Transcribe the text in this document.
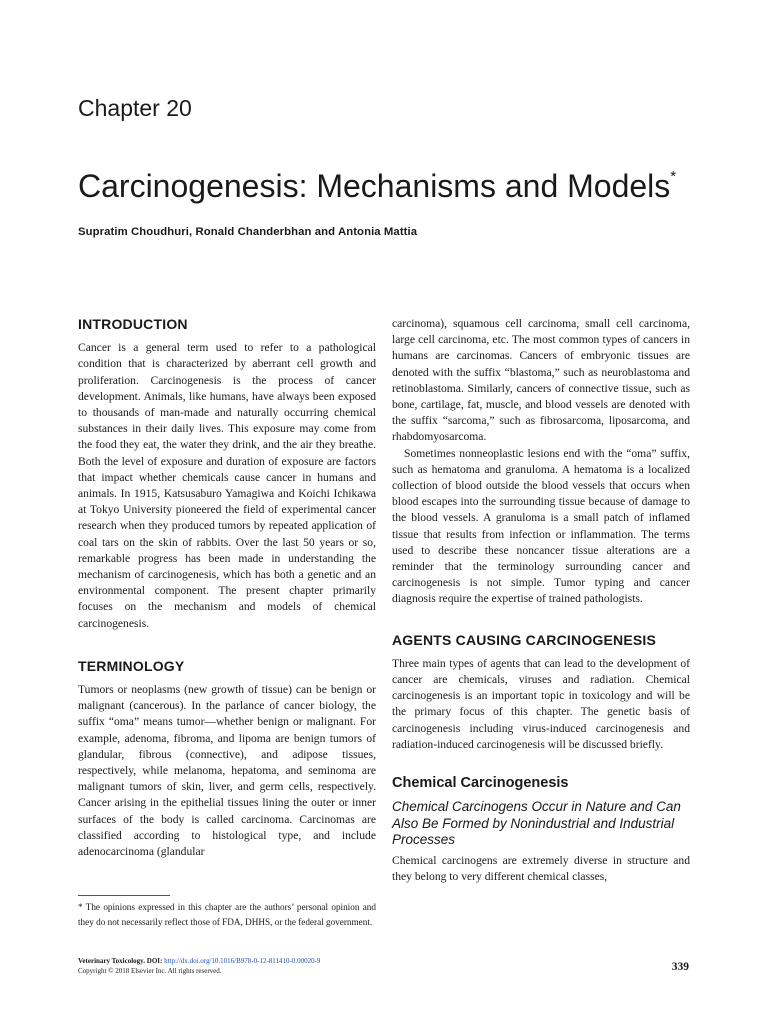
Chapter 20
Carcinogenesis: Mechanisms and Models*

Supratim Choudhuri, Ronald Chanderbhan and Antonia Mattia

INTRODUCTION

Cancer is a general term used to refer to a pathological condition that is characterized by aberrant cell growth and proliferation. Carcinogenesis is the process of cancer development. Animals, like humans, have always been exposed to thousands of man-made and naturally occurring chemical substances in their daily lives. This exposure may come from the food they eat, the water they drink, and the air they breathe. Both the level of exposure and duration of exposure are factors that impact whether chemicals cause cancer in humans and animals. In 1915, Katsusaburo Yamagiwa and Koichi Ichikawa at Tokyo University pioneered the field of experimental cancer research when they produced tumors by repeated application of coal tars on the skin of rabbits. Over the last 50 years or so, remarkable progress has been made in understanding the mechanism of carcinogenesis, which has both a genetic and an environmental component. The present chapter primarily focuses on the mechanism and models of chemical carcinogenesis.

TERMINOLOGY

Tumors or neoplasms (new growth of tissue) can be benign or malignant (cancerous). In the parlance of cancer biology, the suffix “oma” means tumor—whether benign or malignant. For example, adenoma, fibroma, and lipoma are benign tumors of glandular, fibrous (connective), and adipose tissues, respectively, while melanoma, hepatoma, and seminoma are malignant tumors of skin, liver, and germ cells, respectively. Cancer arising in the epithelial tissues lining the outer or inner surfaces of the body is called carcinoma. Carcinomas are classified according to histological type, and include adenocarcinoma (glandular

carcinoma), squamous cell carcinoma, small cell carcinoma, large cell carcinoma, etc. The most common types of cancers in humans are carcinomas. Cancers of embryonic tissues are denoted with the suffix “blastoma,” such as neuroblastoma and retinoblastoma. Similarly, cancers of connective tissue, such as bone, cartilage, fat, muscle, and blood vessels are denoted with the suffix “sarcoma,” such as fibrosarcoma, liposarcoma, and rhabdomyosarcoma.

Sometimes nonneoplastic lesions end with the “oma” suffix, such as hematoma and granuloma. A hematoma is a localized collection of blood outside the blood vessels that occurs when blood escapes into the surrounding tissue because of damage to the blood vessels. A granuloma is a small patch of inflamed tissue that results from infection or inflammation. The terms used to describe these noncancer tissue alterations are a reminder that the terminology surrounding cancer and carcinogenesis is not simple. Tumor typing and cancer diagnosis require the expertise of trained pathologists.

AGENTS CAUSING CARCINOGENESIS

Three main types of agents that can lead to the development of cancer are chemicals, viruses and radiation. Chemical carcinogenesis is an important topic in toxicology and will be the primary focus of this chapter. The genetic basis of carcinogenesis including virus-induced carcinogenesis and radiation-induced carcinogenesis will be discussed briefly.

Chemical Carcinogenesis
Chemical Carcinogens Occur in Nature and Can Also Be Formed by Nonindustrial and Industrial Processes

Chemical carcinogens are extremely diverse in structure and they belong to very different chemical classes,

* The opinions expressed in this chapter are the authors’ personal opinion and they do not necessarily reflect those of FDA, DHHS, or the federal government.

Veterinary Toxicology. DOI: http://dx.doi.org/10.1016/B978-0-12-811410-0.00020-9

Copyright © 2018 Elsevier Inc. All rights reserved.	339
